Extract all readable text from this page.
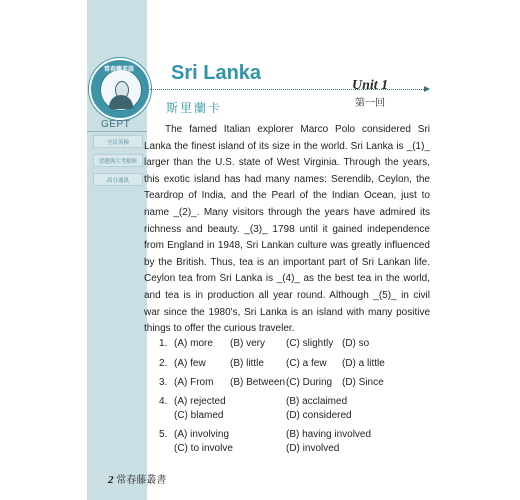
常春藤英語
GEPT
全民英檢
習題與大考解析
高分通訊
Sri Lanka
Unit 1
斯里蘭卡	第一回

The famed Italian explorer Marco Polo considered Sri Lanka the finest island of its size in the world. Sri Lanka is _(1)_ larger than the U.S. state of West Virginia. Through the years, this exotic island has had many names: Serendib, Ceylon, the Teardrop of India, and the Pearl of the Indian Ocean, just to name _(2)_. Many visitors through the years have admired its richness and beauty. _(3)_ 1798 until it gained independence from England in 1948, Sri Lankan culture was greatly influenced by the British. Thus, tea is an important part of Sri Lankan life. Ceylon tea from Sri Lanka is _(4)_ as the best tea in the world, and tea is in production all year round. Although _(5)_ in civil war since the 1980's, Sri Lanka is an island with many positive things to offer the curious traveler.

1. (A) more (B) very (C) slightly (D) so
2. (A) few (B) little (C) a few (D) a little
3. (A) From (B) Between (C) During (D) Since
4. (A) rejected	(B) acclaimed
(C) blamed	(D) considered
5. (A) involving	(B) having involved
(C) to involve	(D) involved
2 常春藤叢書
